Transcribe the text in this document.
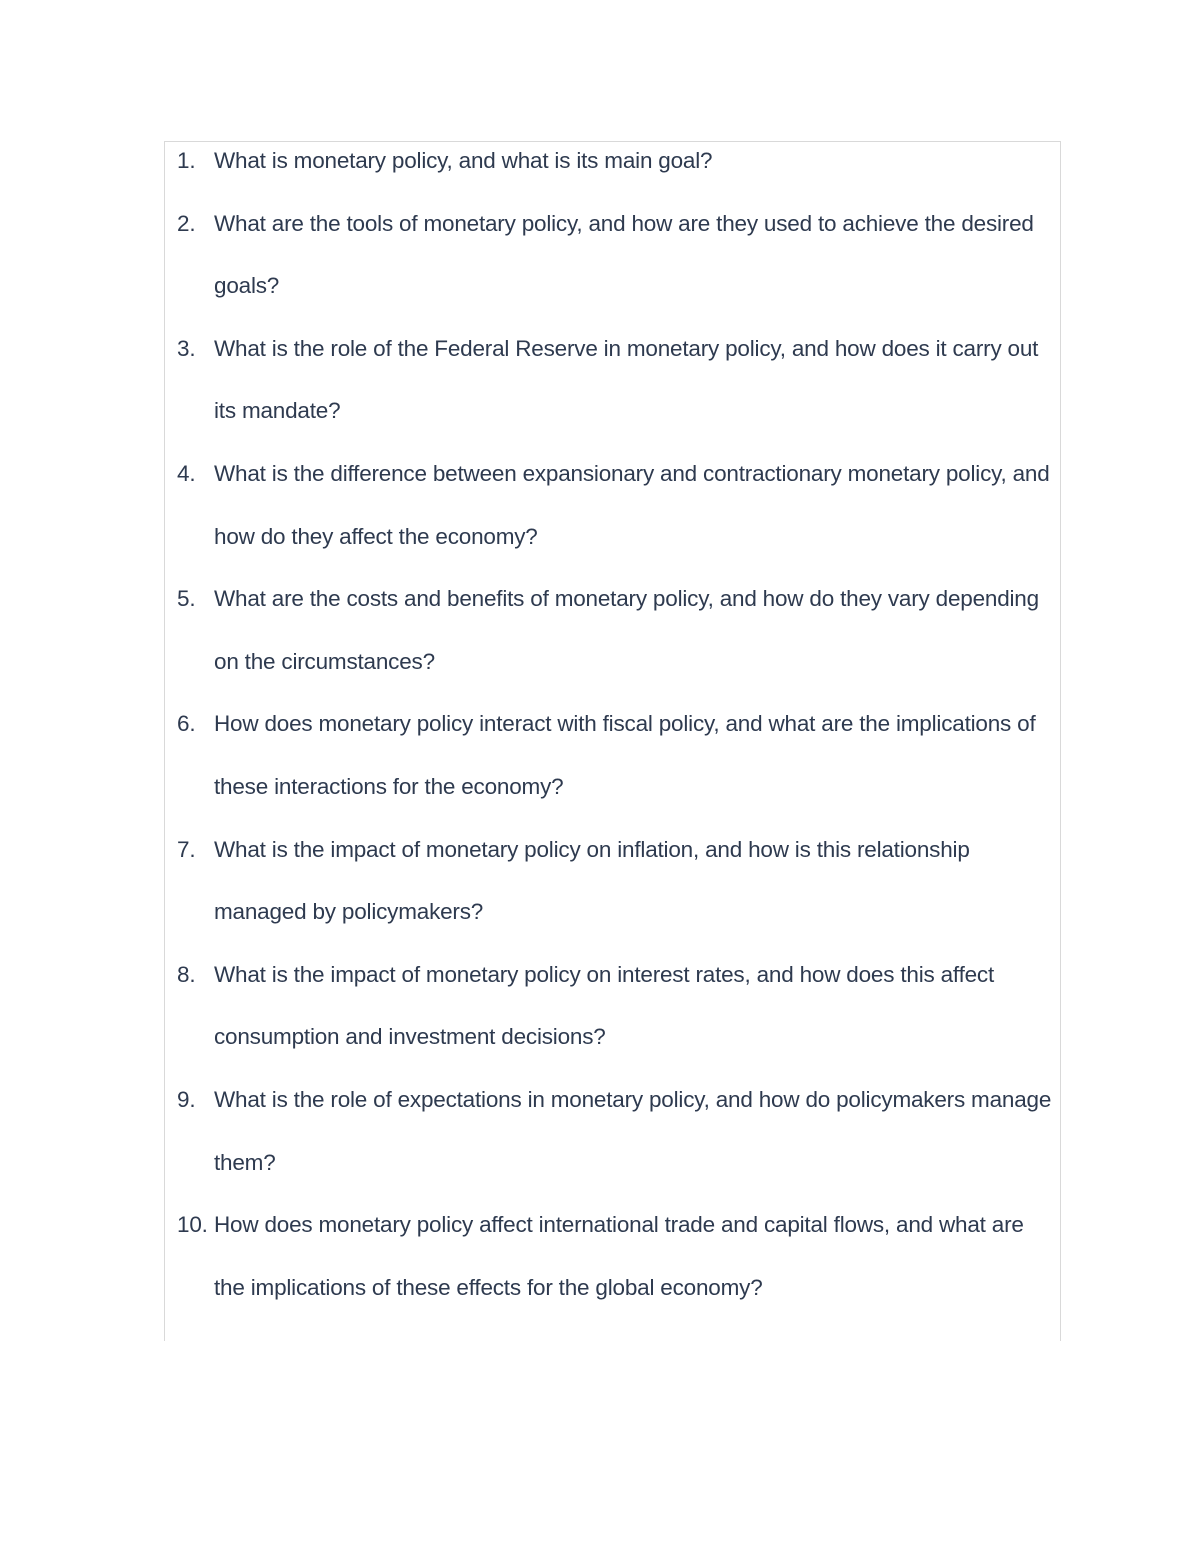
1. What is monetary policy, and what is its main goal?
2. What are the tools of monetary policy, and how are they used to achieve the desired goals?
3. What is the role of the Federal Reserve in monetary policy, and how does it carry out its mandate?
4. What is the difference between expansionary and contractionary monetary policy, and how do they affect the economy?
5. What are the costs and benefits of monetary policy, and how do they vary depending on the circumstances?
6. How does monetary policy interact with fiscal policy, and what are the implications of these interactions for the economy?
7. What is the impact of monetary policy on inflation, and how is this relationship managed by policymakers?
8. What is the impact of monetary policy on interest rates, and how does this affect consumption and investment decisions?
9. What is the role of expectations in monetary policy, and how do policymakers manage them?
10. How does monetary policy affect international trade and capital flows, and what are the implications of these effects for the global economy?
